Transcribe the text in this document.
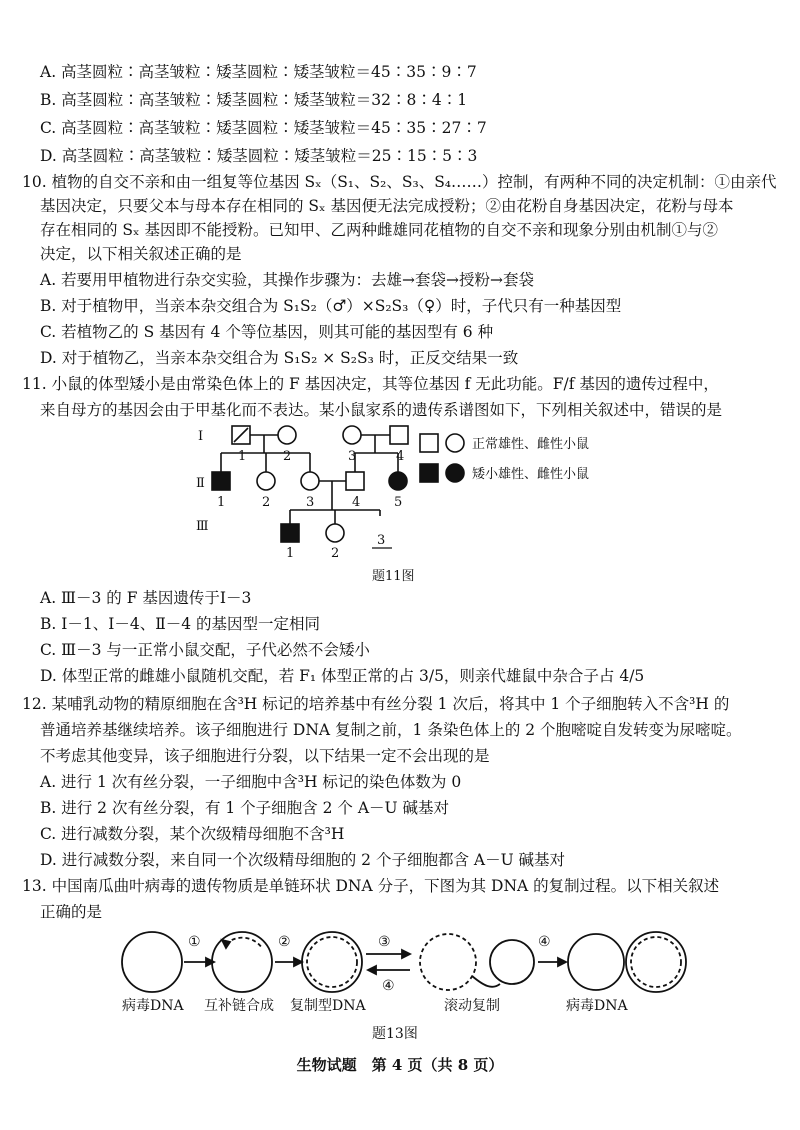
A. 高茎圆粒∶高茎皱粒∶矮茎圆粒∶矮茎皱粒＝45∶35∶9∶7
B. 高茎圆粒∶高茎皱粒∶矮茎圆粒∶矮茎皱粒＝32∶8∶4∶1
C. 高茎圆粒∶高茎皱粒∶矮茎圆粒∶矮茎皱粒＝45∶35∶27∶7
D. 高茎圆粒∶高茎皱粒∶矮茎圆粒∶矮茎皱粒＝25∶15∶5∶3
10. 植物的自交不亲和由一组复等位基因 Sₓ（S₁、S₂、S₃、S₄……）控制，有两种不同的决定机制：①由亲代
基因决定，只要父本与母本存在相同的 Sₓ 基因便无法完成授粉；②由花粉自身基因决定，花粉与母本
存在相同的 Sₓ 基因即不能授粉。已知甲、乙两种雌雄同花植物的自交不亲和现象分别由机制①与②
决定，以下相关叙述正确的是
A. 若要用甲植物进行杂交实验，其操作步骤为：去雄→套袋→授粉→套袋
B. 对于植物甲，当亲本杂交组合为 S₁S₂（♂）×S₂S₃（♀）时，子代只有一种基因型
C. 若植物乙的 S 基因有 4 个等位基因，则其可能的基因型有 6 种
D. 对于植物乙，当亲本杂交组合为 S₁S₂ × S₂S₃ 时，正反交结果一致
11. 小鼠的体型矮小是由常染色体上的 F 基因决定，其等位基因 f 无此功能。F/f 基因的遗传过程中，
来自母方的基因会由于甲基化而不表达。某小鼠家系的遗传系谱图如下，下列相关叙述中，错误的是
Ⅰ
Ⅱ
Ⅲ
1	2	3	4
1	2	3	4	5
1	2
3
正常雄性、雌性小鼠
矮小雄性、雌性小鼠
题11图
A. Ⅲ－3 的 F 基因遗传于Ⅰ－3
B. Ⅰ－1、Ⅰ－4、Ⅱ－4 的基因型一定相同
C. Ⅲ－3 与一正常小鼠交配，子代必然不会矮小
D. 体型正常的雌雄小鼠随机交配，若 F₁ 体型正常的占 3/5，则亲代雄鼠中杂合子占 4/5
12. 某哺乳动物的精原细胞在含³H 标记的培养基中有丝分裂 1 次后，将其中 1 个子细胞转入不含³H 的
普通培养基继续培养。该子细胞进行 DNA 复制之前，1 条染色体上的 2 个胞嘧啶自发转变为尿嘧啶。
不考虑其他变异，该子细胞进行分裂，以下结果一定不会出现的是
A. 进行 1 次有丝分裂，一子细胞中含³H 标记的染色体数为 0
B. 进行 2 次有丝分裂，有 1 个子细胞含 2 个 A－U 碱基对
C. 进行减数分裂，某个次级精母细胞不含³H
D. 进行减数分裂，来自同一个次级精母细胞的 2 个子细胞都含 A－U 碱基对
13. 中国南瓜曲叶病毒的遗传物质是单链环状 DNA 分子，下图为其 DNA 的复制过程。以下相关叙述
正确的是
①	②	③
④
④
病毒DNA 互补链合成 复制型DNA	滚动复制	病毒DNA
题13图
生物试题　第 4 页（共 8 页）
